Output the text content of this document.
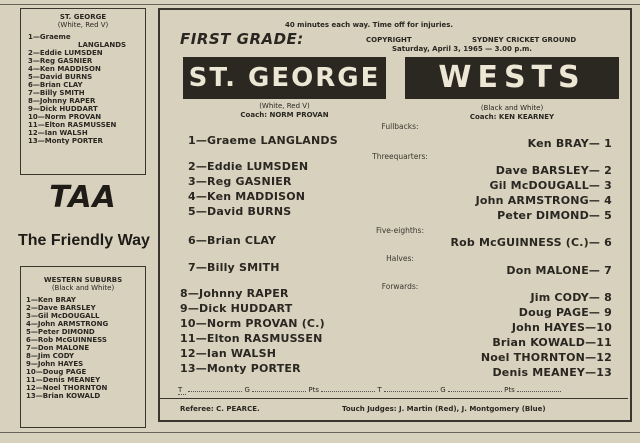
ST. GEORGE
(White, Red V)
1—Graeme
LANGLANDS
2—Eddie LUMSDEN
3—Reg GASNIER
4—Ken MADDISON
5—David BURNS
6—Brian CLAY
7—Billy SMITH
8—Johnny RAPER
9—Dick HUDDART
10—Norm PROVAN
11—Elton RASMUSSEN
12—Ian WALSH
13—Monty PORTER
TAA
The Friendly Way
WESTERN SUBURBS
(Black and White)
1—Ken BRAY
2—Dave BARSLEY
3—Gil McDOUGALL
4—John ARMSTRONG
5—Peter DIMOND
6—Rob McGUINNESS
7—Don MALONE
8—Jim CODY
9—John HAYES
10—Doug PAGE
11—Denis MEANEY
12—Noel THORNTON
13—Brian KOWALD
FIRST GRADE:
40 minutes each way. Time off for injuries.
COPYRIGHT	SYDNEY CRICKET GROUND
Saturday, April 3, 1965 — 3.00 p.m.
ST. GEORGE	WESTS
(White, Red V)
Coach: NORM PROVAN
(Black and White)
Coach: KEN KEARNEY
Fullbacks:
Threequarters:
Five-eighths:
Halves:
Forwards:
1—Graeme LANGLANDS
2—Eddie LUMSDEN
3—Reg GASNIER
4—Ken MADDISON
5—David BURNS
6—Brian CLAY
7—Billy SMITH
8—Johnny RAPER
9—Dick HUDDART
10—Norm PROVAN (C.)
11—Elton RASMUSSEN
12—Ian WALSH
13—Monty PORTER
Ken BRAY— 1
Dave BARSLEY— 2
Gil McDOUGALL— 3
John ARMSTRONG— 4
Peter DIMOND— 5
Rob McGUINNESS (C.)— 6
Don MALONE— 7
Jim CODY— 8
Doug PAGE— 9
John HAYES—10
Brian KOWALD—11
Noel THORNTON—12
Denis MEANEY—13
T	G	Pts	T	G	Pts
Referee: C. PEARCE.	Touch Judges: J. Martin (Red), J. Montgomery (Blue)
